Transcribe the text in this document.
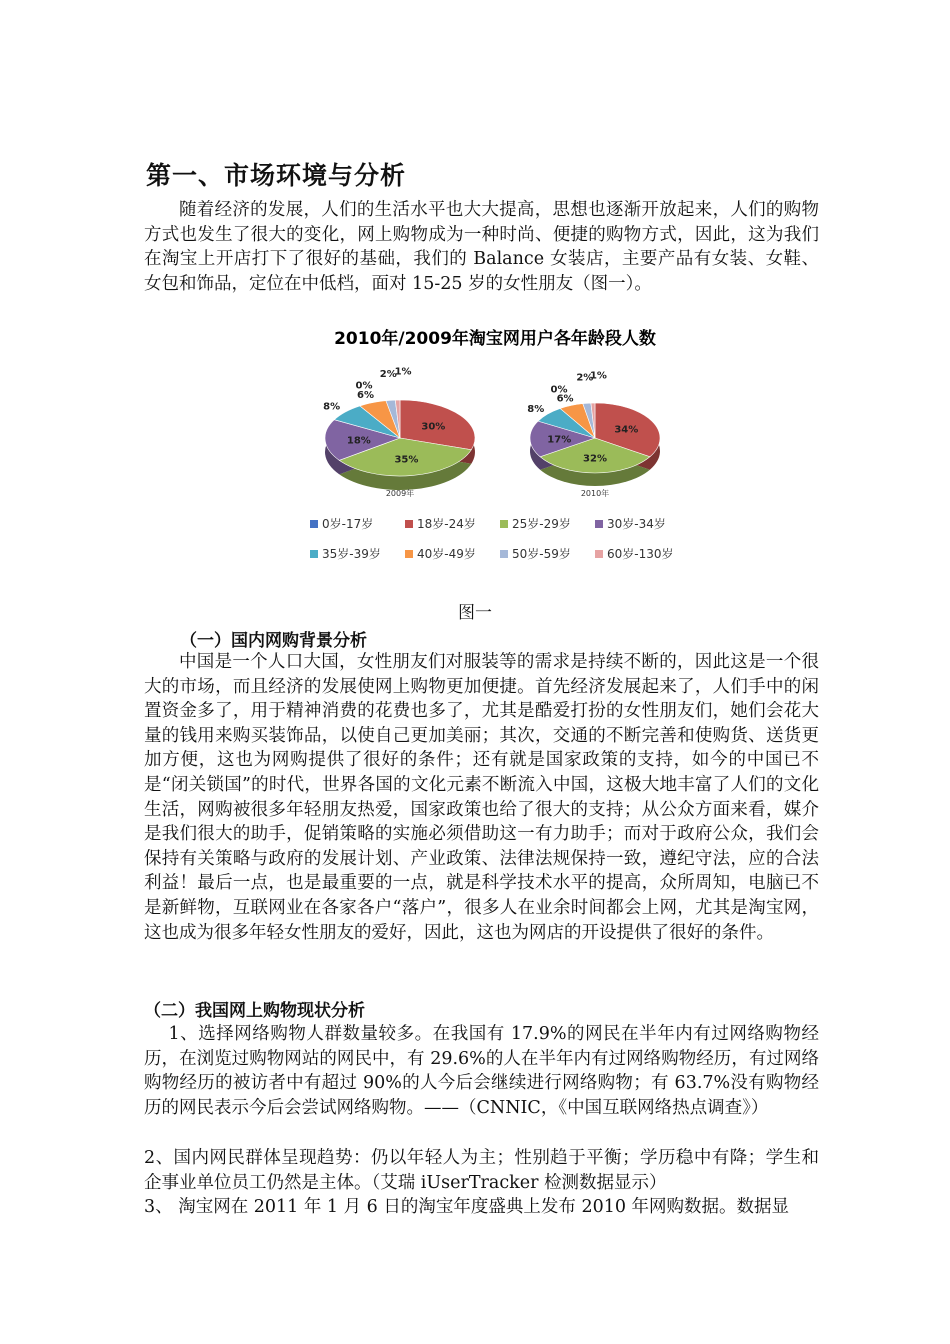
第一、市场环境与分析

随着经济的发展，人们的生活水平也大大提高，思想也逐渐开放起来，人们的购物方式也发生了很大的变化，网上购物成为一种时尚、便捷的购物方式，因此，这为我们在淘宝上开店打下了很好的基础，我们的 Balance 女装店，主要产品有女装、女鞋、女包和饰品，定位在中低档，面对 15-25 岁的女性朋友（图一）。

2010年/2009年淘宝网用户各年龄段人数
0%
30%
35%
18%
8%
6%
2%
1%
2009年
0%
34%
32%
17%
8%
6%
2%
1%
2010年
0岁-17岁	18岁-24岁	25岁-29岁	30岁-34岁
35岁-39岁	40岁-49岁	50岁-59岁	60岁-130岁
图一
（一）国内网购背景分析

中国是一个人口大国，女性朋友们对服装等的需求是持续不断的，因此这是一个很大的市场，而且经济的发展使网上购物更加便捷。首先经济发展起来了，人们手中的闲置资金多了，用于精神消费的花费也多了，尤其是酷爱打扮的女性朋友们，她们会花大量的钱用来购买装饰品，以使自己更加美丽；其次，交通的不断完善和使购货、送货更加方便，这也为网购提供了很好的条件；还有就是国家政策的支持，如今的中国已不是“闭关锁国”的时代，世界各国的文化元素不断流入中国，这极大地丰富了人们的文化生活，网购被很多年轻朋友热爱，国家政策也给了很大的支持；从公众方面来看，媒介是我们很大的助手，促销策略的实施必须借助这一有力助手；而对于政府公众，我们会保持有关策略与政府的发展计划、产业政策、法律法规保持一致，遵纪守法，应的合法利益！最后一点，也是最重要的一点，就是科学技术水平的提高，众所周知，电脑已不是新鲜物，互联网业在各家各户“落户”，很多人在业余时间都会上网，尤其是淘宝网，这也成为很多年轻女性朋友的爱好，因此，这也为网店的开设提供了很好的条件。

（二）我国网上购物现状分析

1、选择网络购物人群数量较多。在我国有 17.9%的网民在半年内有过网络购物经历，在浏览过购物网站的网民中，有 29.6%的人在半年内有过网络购物经历，有过网络购物经历的被访者中有超过 90%的人今后会继续进行网络购物；有 63.7%没有购物经历的网民表示今后会尝试网络购物。——（CNNIC，《中国互联网络热点调查》）

2、国内网民群体呈现趋势：仍以年轻人为主；性别趋于平衡；学历稳中有降；学生和企事业单位员工仍然是主体。（艾瑞 iUserTracker 检测数据显示）

3、 淘宝网在 2011 年 1 月 6 日的淘宝年度盛典上发布 2010 年网购数据。数据显
